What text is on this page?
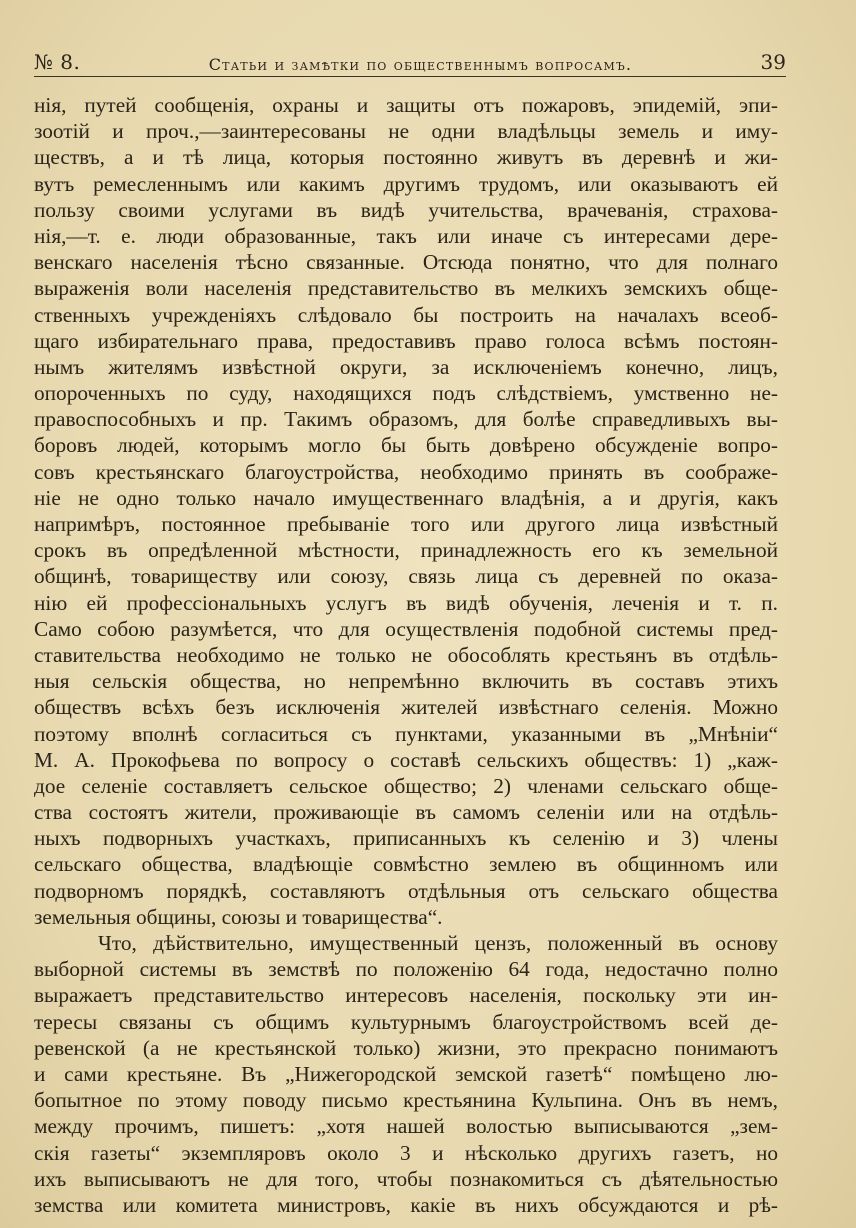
№ 8.	Статьи и замѣтки по общественнымъ вопросамъ.	39
нія, путей сообщенія, охраны и защиты отъ пожаровъ, эпидемій, эпи-
зоотій и проч.,—заинтересованы не одни владѣльцы земель и иму-
ществъ, а и тѣ лица, которыя постоянно живутъ въ деревнѣ и жи-
вутъ ремесленнымъ или какимъ другимъ трудомъ, или оказываютъ ей
пользу своими услугами въ видѣ учительства, врачеванія, страхова-
нія,—т. е. люди образованные, такъ или иначе съ интересами дере-
венскаго населенія тѣсно связанные. Отсюда понятно, что для полнаго
выраженія воли населенія представительство въ мелкихъ земскихъ обще-
ственныхъ учрежденіяхъ слѣдовало бы построить на началахъ всеоб-
щаго избирательнаго права, предоставивъ право голоса всѣмъ постоян-
нымъ жителямъ извѣстной округи, за исключеніемъ конечно, лицъ,
опороченныхъ по суду, находящихся подъ слѣдствіемъ, умственно не-
правоспособныхъ и пр. Такимъ образомъ, для болѣе справедливыхъ вы-
боровъ людей, которымъ могло бы быть довѣрено обсужденіе вопро-
совъ крестьянскаго благоустройства, необходимо принять въ соображе-
ніе не одно только начало имущественнаго владѣнія, а и другія, какъ
напримѣръ, постоянное пребываніе того или другого лица извѣстный
срокъ въ опредѣленной мѣстности, принадлежность его къ земельной
общинѣ, товариществу или союзу, связь лица съ деревней по оказа-
нію ей профессіональныхъ услугъ въ видѣ обученія, леченія и т. п.
Само собою разумѣется, что для осуществленія подобной системы пред-
ставительства необходимо не только не обособлять крестьянъ въ отдѣль-
ныя сельскія общества, но непремѣнно включить въ составъ этихъ
обществъ всѣхъ безъ исключенія жителей извѣстнаго селенія. Можно
поэтому вполнѣ согласиться съ пунктами, указанными въ „Мнѣніи“
М. А. Прокофьева по вопросу о составѣ сельскихъ обществъ: 1) „каж-
дое селеніе составляетъ сельское общество; 2) членами сельскаго обще-
ства состоятъ жители, проживающіе въ самомъ селеніи или на отдѣль-
ныхъ подворныхъ участкахъ, приписанныхъ къ селенію и 3) члены
сельскаго общества, владѣющіе совмѣстно землею въ общинномъ или
подворномъ порядкѣ, составляютъ отдѣльныя отъ сельскаго общества
земельныя общины, союзы и товарищества“.
Что, дѣйствительно, имущественный цензъ, положенный въ основу
выборной системы въ земствѣ по положенію 64 года, недостачно полно
выражаетъ представительство интересовъ населенія, поскольку эти ин-
тересы связаны съ общимъ культурнымъ благоустройствомъ всей де-
ревенской (а не крестьянской только) жизни, это прекрасно понимаютъ
и сами крестьяне. Въ „Нижегородской земской газетѣ“ помѣщено лю-
бопытное по этому поводу письмо крестьянина Кульпина. Онъ въ немъ,
между прочимъ, пишетъ: „хотя нашей волостью выписываются „зем-
скія газеты“ экземпляровъ около 3 и нѣсколько другихъ газетъ, но
ихъ выписываютъ не для того, чтобы познакомиться съ дѣятельностью
земства или комитета министровъ, какіе въ нихъ обсуждаются и рѣ-
